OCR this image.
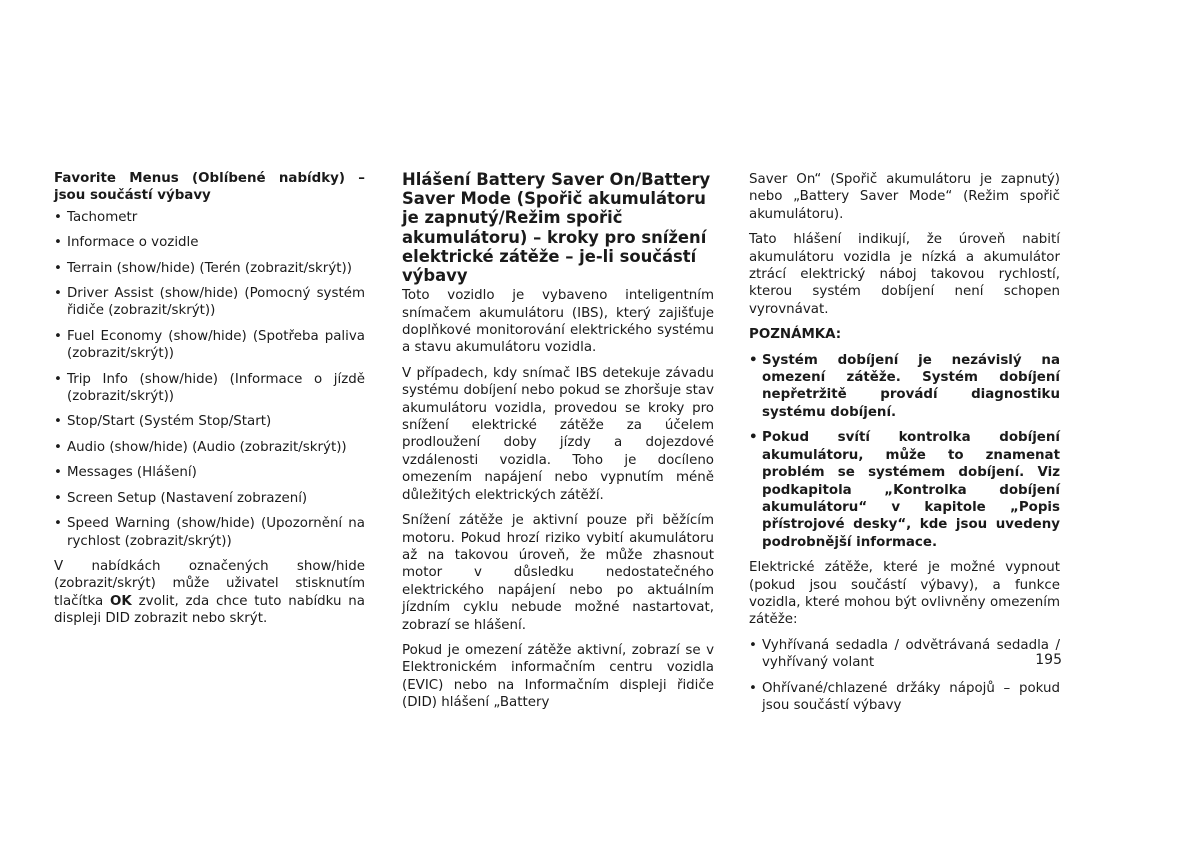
Favorite Menus (Oblíbené nabídky) – jsou součástí výbavy

• Tachometr
• Informace o vozidle
• Terrain (show/hide) (Terén (zobrazit/skrýt))
• Driver Assist (show/hide) (Pomocný systém řidiče (zobrazit/skrýt))
• Fuel Economy (show/hide) (Spotřeba paliva (zobrazit/skrýt))
• Trip Info (show/hide) (Informace o jízdě (zobrazit/skrýt))
• Stop/Start (Systém Stop/Start)
• Audio (show/hide) (Audio (zobrazit/skrýt))
• Messages (Hlášení)
• Screen Setup (Nastavení zobrazení)
• Speed Warning (show/hide) (Upozornění na rychlost (zobrazit/skrýt))

V nabídkách označených show/hide (zobrazit/skrýt) může uživatel stisknutím tlačítka OK zvolit, zda chce tuto nabídku na displeji DID zobrazit nebo skrýt.

Hlášení Battery Saver On/Battery Saver Mode (Spořič akumulátoru je zapnutý/Režim spořič akumulátoru) – kroky pro snížení elektrické zátěže – je-li součástí výbavy

Toto vozidlo je vybaveno inteligentním snímačem akumulátoru (IBS), který zajišťuje doplňkové monitorování elektrického systému a stavu akumulátoru vozidla.

V případech, kdy snímač IBS detekuje závadu systému dobíjení nebo pokud se zhoršuje stav akumulátoru vozidla, provedou se kroky pro snížení elektrické zátěže za účelem prodloužení doby jízdy a dojezdové vzdálenosti vozidla. Toho je docíleno omezením napájení nebo vypnutím méně důležitých elektrických zátěží.

Snížení zátěže je aktivní pouze při běžícím motoru. Pokud hrozí riziko vybití akumulátoru až na takovou úroveň, že může zhasnout motor v důsledku nedostatečného elektrického napájení nebo po aktuálním jízdním cyklu nebude možné nastartovat, zobrazí se hlášení.

Pokud je omezení zátěže aktivní, zobrazí se v Elektronickém informačním centru vozidla (EVIC) nebo na Informačním displeji řidiče (DID) hlášení „Battery

Saver On“ (Spořič akumulátoru je zapnutý) nebo „Battery Saver Mode“ (Režim spořič akumulátoru).

Tato hlášení indikují, že úroveň nabití akumulátoru vozidla je nízká a akumulátor ztrácí elektrický náboj takovou rychlostí, kterou systém dobíjení není schopen vyrovnávat.

POZNÁMKA:

• Systém dobíjení je nezávislý na omezení zátěže. Systém dobíjení nepřetržitě provádí diagnostiku systému dobíjení.
• Pokud svítí kontrolka dobíjení akumulátoru, může to znamenat problém se systémem dobíjení. Viz podkapitola „Kontrolka dobíjení akumulátoru“ v kapitole „Popis přístrojové desky“, kde jsou uvedeny podrobnější informace.

Elektrické zátěže, které je možné vypnout (pokud jsou součástí výbavy), a funkce vozidla, které mohou být ovlivněny omezením zátěže:

• Vyhřívaná sedadla / odvětrávaná sedadla / vyhřívaný volant
• Ohřívané/chlazené držáky nápojů – pokud jsou součástí výbavy
195
